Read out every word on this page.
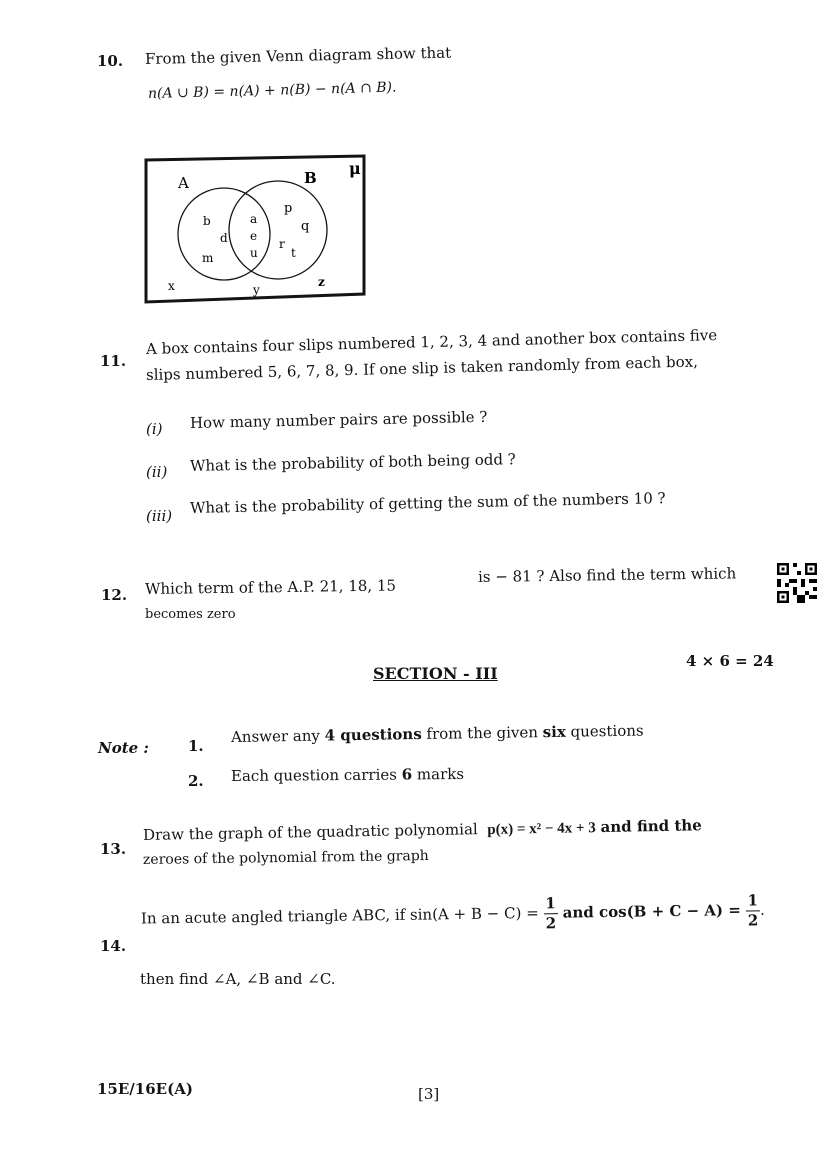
10. From the given Venn diagram show that
n(A ∪ B) = n(A) + n(B) − n(A ∩ B).
μ
A	B
b
d
m
a
e
u
p
q
r
t
x	y
z
11.
A box contains four slips numbered 1, 2, 3, 4 and another box contains five
slips numbered 5, 6, 7, 8, 9. If one slip is taken randomly from each box,
(i) How many number pairs are possible ?
(ii) What is the probability of both being odd ?
(iii) What is the probability of getting the sum of the numbers 10 ?
12. Which term of the A.P. 21, 18, 15
is − 81 ? Also find the term which
becomes zero
SECTION - III
4 × 6 = 24
Note :	1.
Answer any 4 questions from the given six questions
2. Each question carries 6 marks
13.
Draw the graph of the quadratic polynomial p(x) = x² − 4x + 3 and find the
zeroes of the polynomial from the graph
14.
In an acute angled triangle ABC, if $\sin(A + B - C) = \frac{1}{2}$ and $\cos(B + C - A) = \frac{1}{2}$ .
then find ∠A, ∠B and ∠C.
15E/16E(A)	[3]
